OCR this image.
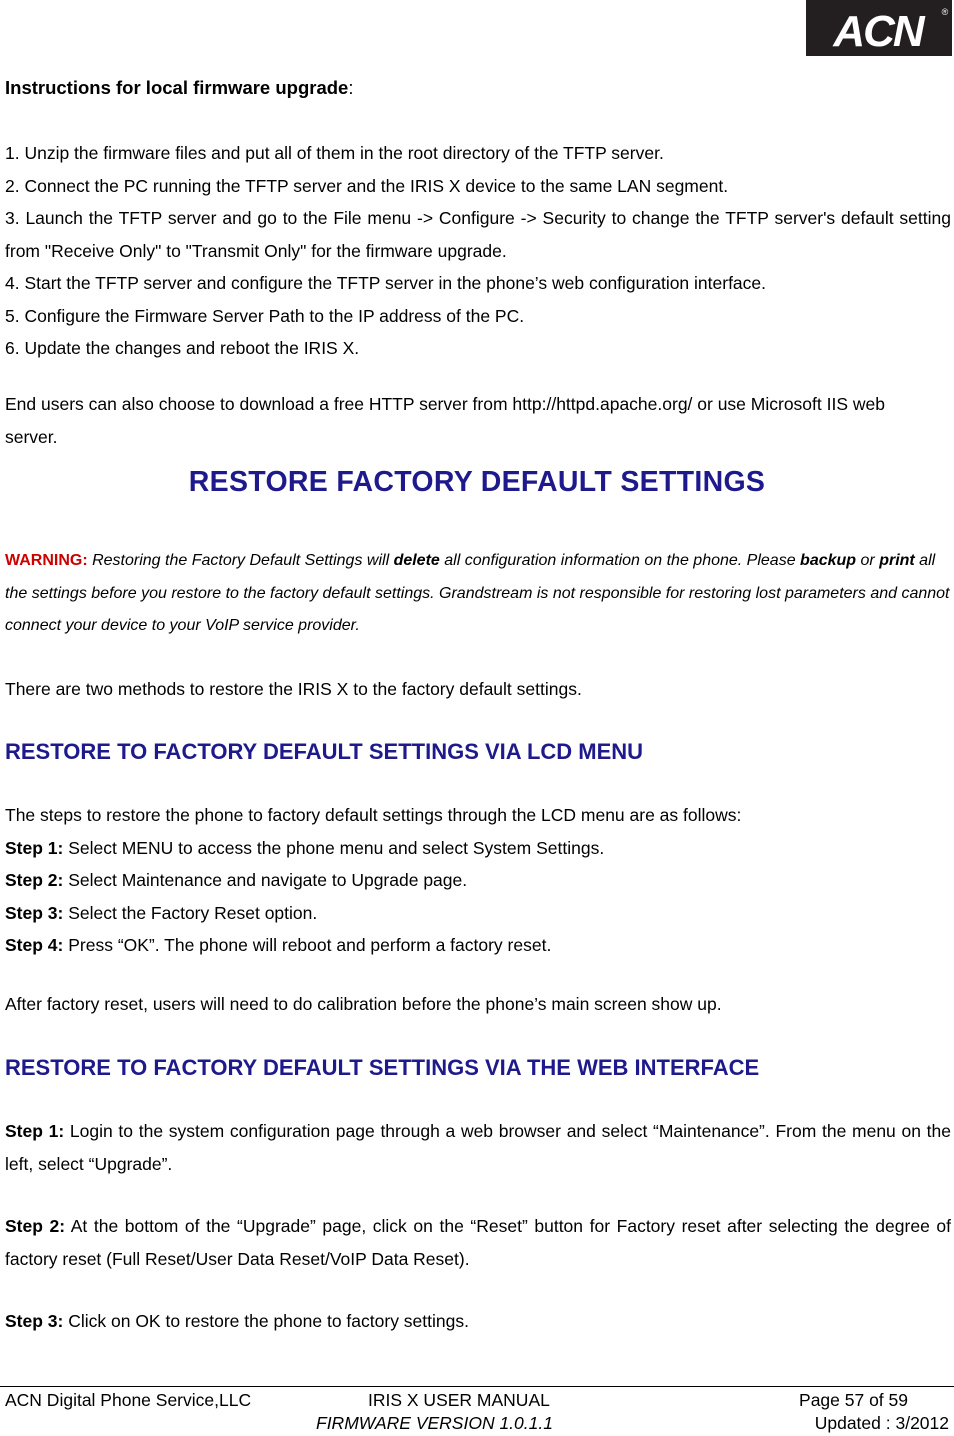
ACN	®

Instructions for local firmware upgrade:

1. Unzip the firmware files and put all of them in the root directory of the TFTP server.
2. Connect the PC running the TFTP server and the IRIS X device to the same LAN segment.
3. Launch the TFTP server and go to the File menu -> Configure -> Security to change the TFTP server's default setting from "Receive Only" to "Transmit Only" for the firmware upgrade.
4. Start the TFTP server and configure the TFTP server in the phone’s web configuration interface.
5. Configure the Firmware Server Path to the IP address of the PC.
6. Update the changes and reboot the IRIS X.

End users can also choose to download a free HTTP server from http://httpd.apache.org/ or use Microsoft IIS web server.

RESTORE FACTORY DEFAULT SETTINGS

WARNING: Restoring the Factory Default Settings will delete all configuration information on the phone. Please backup or print all the settings before you restore to the factory default settings. Grandstream is not responsible for restoring lost parameters and cannot connect your device to your VoIP service provider.

There are two methods to restore the IRIS X to the factory default settings.

RESTORE TO FACTORY DEFAULT SETTINGS VIA LCD MENU
The steps to restore the phone to factory default settings through the LCD menu are as follows:
Step 1: Select MENU to access the phone menu and select System Settings.
Step 2: Select Maintenance and navigate to Upgrade page.
Step 3: Select the Factory Reset option.
Step 4: Press “OK”. The phone will reboot and perform a factory reset.

After factory reset, users will need to do calibration before the phone’s main screen show up.

RESTORE TO FACTORY DEFAULT SETTINGS VIA THE WEB INTERFACE

Step 1: Login to the system configuration page through a web browser and select “Maintenance”. From the menu on the left, select “Upgrade”.

Step 2: At the bottom of the “Upgrade” page, click on the “Reset” button for Factory reset after selecting the degree of factory reset (Full Reset/User Data Reset/VoIP Data Reset).

Step 3: Click on OK to restore the phone to factory settings.

ACN Digital Phone Service,LLC	IRIS X USER MANUAL
FIRMWARE VERSION 1.0.1.1
Page 57 of 59
Updated : 3/2012
